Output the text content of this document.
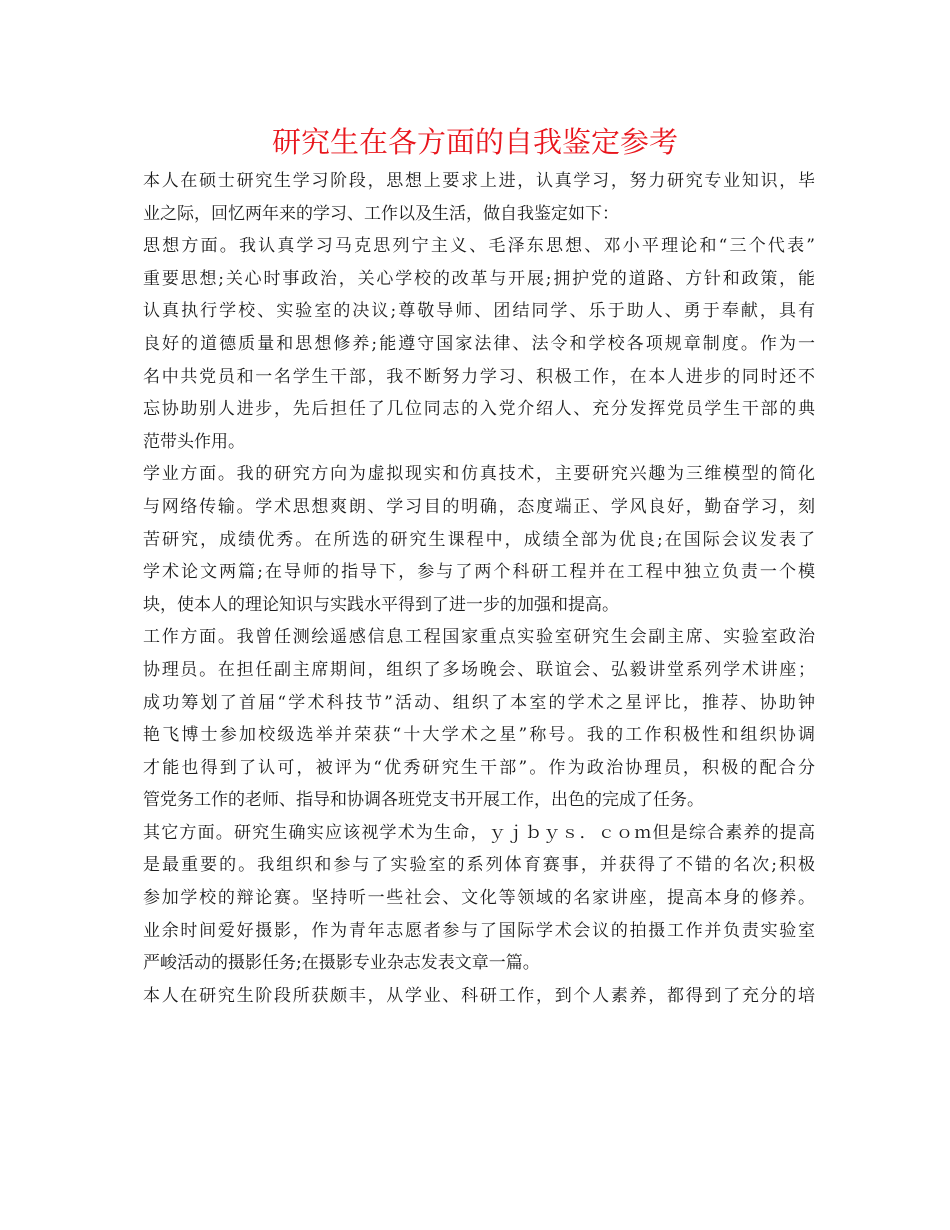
研究生在各方面的自我鉴定参考
本人在硕士研究生学习阶段，思想上要求上进，认真学习，努力研究专业知识，毕
业之际，回忆两年来的学习、工作以及生活，做自我鉴定如下：
思想方面。我认真学习马克思列宁主义、毛泽东思想、邓小平理论和“三个代表”
重要思想;关心时事政治，关心学校的改革与开展;拥护党的道路、方针和政策，能
认真执行学校、实验室的决议;尊敬导师、团结同学、乐于助人、勇于奉献，具有
良好的道德质量和思想修养;能遵守国家法律、法令和学校各项规章制度。作为一
名中共党员和一名学生干部，我不断努力学习、积极工作，在本人进步的同时还不
忘协助别人进步，先后担任了几位同志的入党介绍人、充分发挥党员学生干部的典
范带头作用。
学业方面。我的研究方向为虚拟现实和仿真技术，主要研究兴趣为三维模型的简化
与网络传输。学术思想爽朗、学习目的明确，态度端正、学风良好，勤奋学习，刻
苦研究，成绩优秀。在所选的研究生课程中，成绩全部为优良;在国际会议发表了
学术论文两篇;在导师的指导下，参与了两个科研工程并在工程中独立负责一个模
块，使本人的理论知识与实践水平得到了进一步的加强和提高。
工作方面。我曾任测绘遥感信息工程国家重点实验室研究生会副主席、实验室政治
协理员。在担任副主席期间，组织了多场晚会、联谊会、弘毅讲堂系列学术讲座；
成功筹划了首届“学术科技节”活动、组织了本室的学术之星评比，推荐、协助钟
艳飞博士参加校级选举并荣获“十大学术之星”称号。我的工作积极性和组织协调
才能也得到了认可，被评为“优秀研究生干部”。作为政治协理员，积极的配合分
管党务工作的老师、指导和协调各班党支书开展工作，出色的完成了任务。
其它方面。研究生确实应该视学术为生命，ｙｊｂｙｓ．ｃｏｍ但是综合素养的提高
是最重要的。我组织和参与了实验室的系列体育赛事，并获得了不错的名次;积极
参加学校的辩论赛。坚持听一些社会、文化等领域的名家讲座，提高本身的修养。
业余时间爱好摄影，作为青年志愿者参与了国际学术会议的拍摄工作并负责实验室
严峻活动的摄影任务;在摄影专业杂志发表文章一篇。
本人在研究生阶段所获颇丰，从学业、科研工作，到个人素养，都得到了充分的培
